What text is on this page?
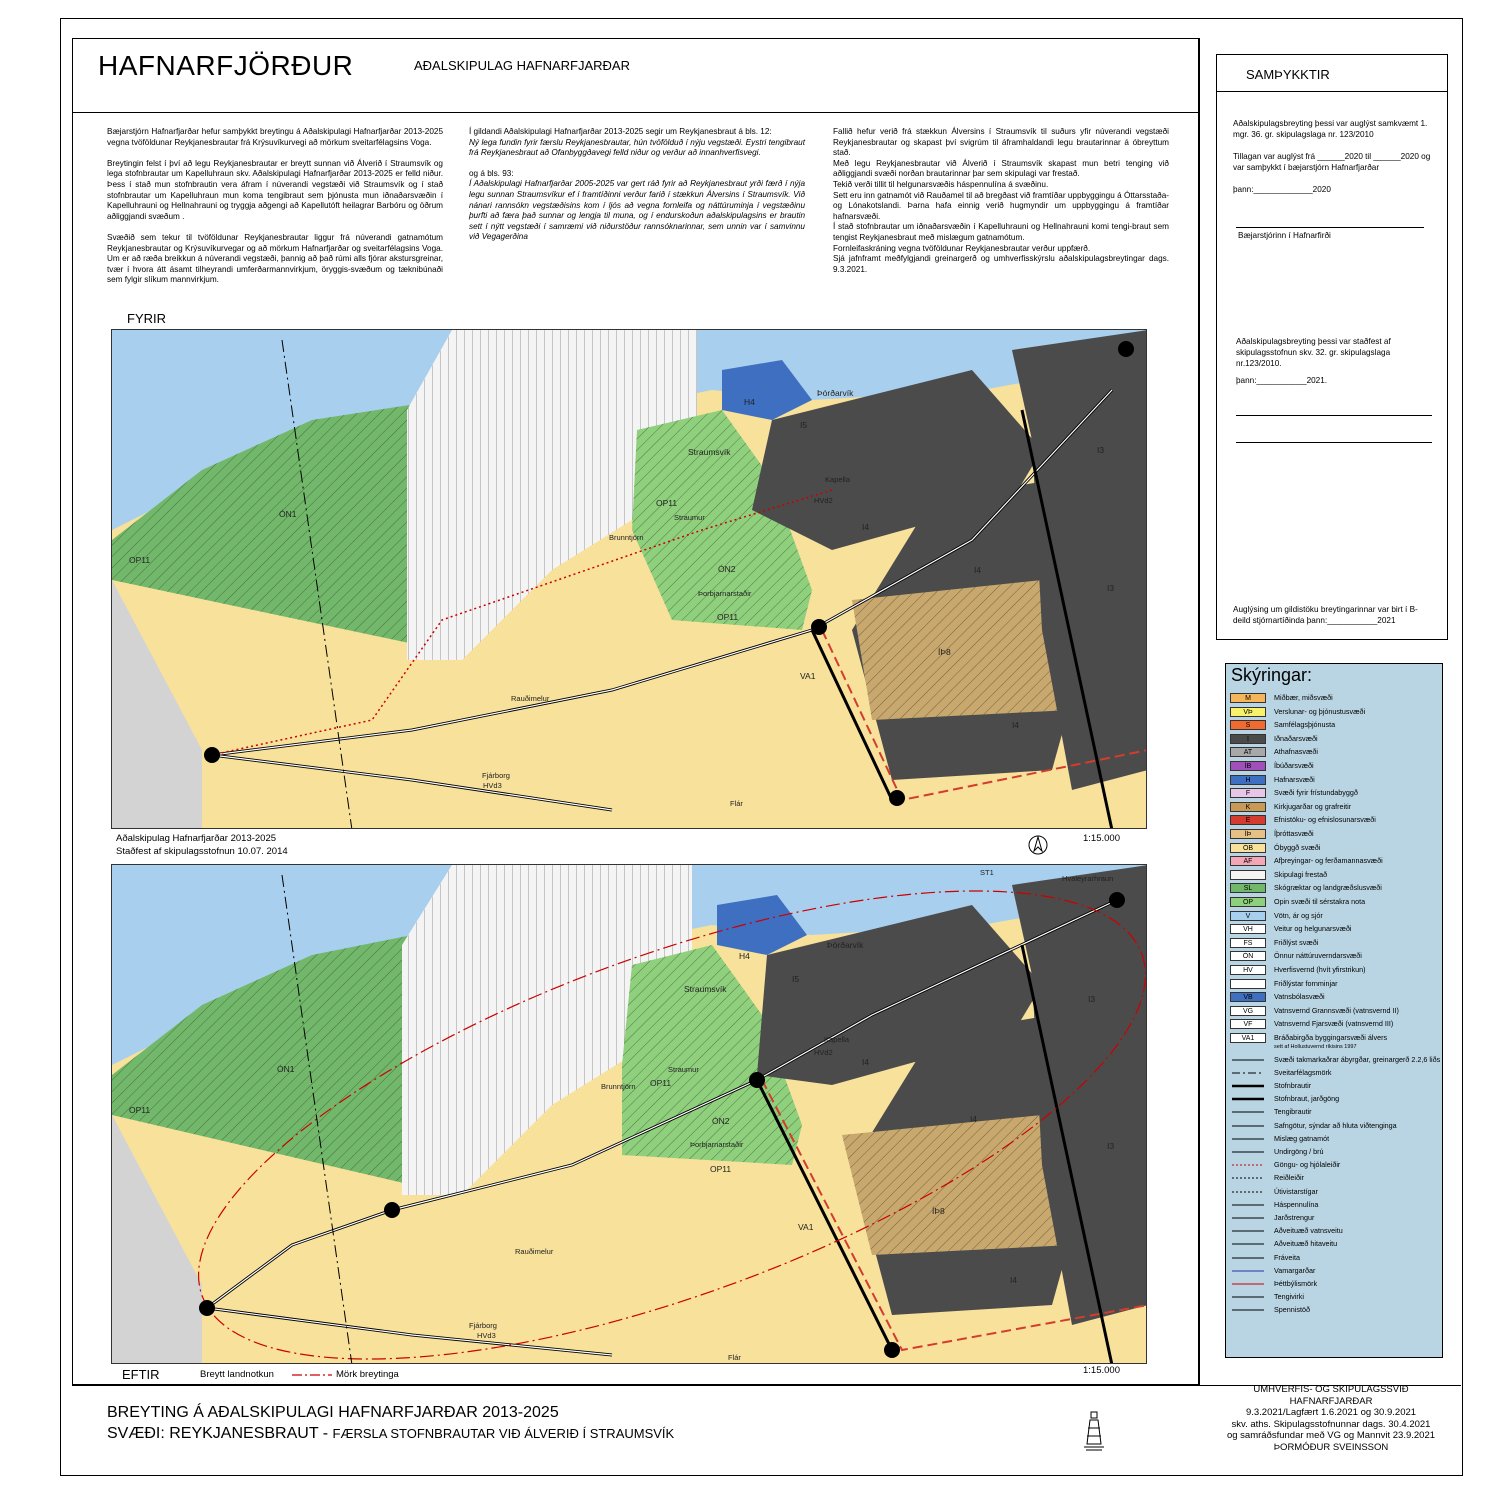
HAFNARFJÖRÐUR	AÐALSKIPULAG HAFNARFJARÐAR
Bæjarstjórn Hafnarfjarðar hefur samþykkt breytingu á Aðalskipulagi Hafnarfjarðar 2013-2025 vegna tvöföldunar Reykjanesbrautar frá Krýsuvíkurvegi að mörkum sveitarfélagsins Voga.

Breytingin felst í því að legu Reykjanesbrautar er breytt sunnan við Álverið í Straumsvík og lega stofnbrautar um Kapelluhraun skv. Aðalskipulagi Hafnarfjarðar 2013-2025 er felld niður. Þess í stað mun stofnbrautin vera áfram í núverandi vegstæði við Straumsvík og í stað stofnbrautar um Kapelluhraun mun koma tengibraut sem þjónusta mun iðnaðarsvæðin í Kapelluhrauni og Hellnahrauni og tryggja aðgengi að Kapellutóft heilagrar Barbóru og öðrum aðliggjandi svæðum .

Svæðið sem tekur til tvöföldunar Reykjanesbrautar liggur frá núverandi gatnamótum Reykjanesbrautar og Krýsuvíkurvegar og að mörkum Hafnarfjarðar og sveitarfélagsins Voga. Um er að ræða breikkun á núverandi vegstæði, þannig að það rúmi alls fjórar akstursgreinar, tvær í hvora átt ásamt tilheyrandi umferðarmannvirkjum, öryggis-svæðum og tæknibúnaði sem fylgir slíkum mannvirkjum.
Í gildandi Aðalskipulagi Hafnarfjarðar 2013-2025 segir um Reykjanesbraut á bls. 12:
Ný lega fundin fyrir færslu Reykjanesbrautar, hún tvöfölduð í nýju vegstæði. Eystri tengibraut frá Reykjanesbraut að Ofanbyggðavegi felld niður og verður að innanhverfisvegi.
og á bls. 93:
Í Aðalskipulagi Hafnarfjarðar 2005-2025 var gert ráð fyrir að Reykjanesbraut yrði færð í nýja legu sunnan Straumsvíkur ef í framtíðinni verður farið í stækkun Álversins í Straumsvík. Við nánari rannsókn vegstæðisins kom í ljós að vegna fornleifa og náttúruminja í vegstæðinu þurfti að færa það sunnar og lengja til muna, og í endurskoðun aðalskipulagsins er brautin sett í nýtt vegstæði í samræmi við niðurstöður rannsóknarinnar, sem unnin var í samvinnu við Vegagerðina
Fallið hefur verið frá stækkun Álversins í Straumsvík til suðurs yfir núverandi vegstæði Reykjanesbrautar og skapast því svigrúm til áframhaldandi legu brautarinnar á óbreyttum stað.
Með legu Reykjanesbrautar við Álverið í Straumsvík skapast mun betri tenging við aðliggjandi svæði norðan brautarinnar þar sem skipulagi var frestað.
Tekið verði tillit til helgunarsvæðis háspennulína á svæðinu.
Sett eru inn gatnamót við Rauðamel til að bregðast við framtíðar uppbyggingu á Óttarsstaða- og Lónakotslandi. Þarna hafa einnig verið hugmyndir um uppbyggingu á framtíðar hafnarsvæði.
Í stað stofnbrautar um iðnaðarsvæðin í Kapelluhrauni og Hellnahrauni komi tengi-braut sem tengist Reykjanesbraut með mislægum gatnamótum.
Fornleifaskráning vegna tvöföldunar Reykjanesbrautar verður uppfærð.
Sjá jafnframt meðfylgjandi greinargerð og umhverfisskýrslu aðalskipulagsbreytingar dags. 9.3.2021.
SAMÞYKKTIR
Aðalskipulagsbreyting þessi var auglýst samkvæmt 1. mgr. 36. gr. skipulagslaga nr. 123/2010
Tillagan var auglýst frá ______2020 til ______2020 og var samþykkt í bæjarstjórn Hafnarfjarðar
þann:_____________2020
Bæjarstjórinn í Hafnarfirði
Aðalskipulagsbreyting þessi var staðfest af skipulagsstofnun skv. 32. gr. skipulagslaga nr.123/2010.
þann:___________2021.
Auglýsing um gildistöku breytingarinnar var birt í B-deild stjórnartíðinda þann:___________2021
FYRIR
H4
Þórðarvík
I5
Straumsvík
Kapella
HVd2
I3
I4
I4
I3
OP11
Straumur
Brunntjörn
ÓN2
Þorbjarnarstaðir
OP11
ÓN1
OP11
ÍÞ8
VA1
Rauðimelur
I4
Fjárborg
HVd3
Flár
Aðalskipulag Hafnarfjarðar 2013-2025
Staðfest af skipulagsstofnun 10.07. 2014
1:15.000
H4
Þórðarvík
I5
Straumsvík
Kapella
HVd2
ST1
Hvaleyrarhraun
I3
I4
I4
I3
OP11
Straumur
Brunntjörn
ÓN2
Þorbjarnarstaðir
OP11
ÓN1
OP11
ÍÞ8
VA1
Rauðimelur
I4
Fjárborg
HVd3
Flár
EFTIR	Breytt landnotkun	Mörk breytinga	1:15.000
Skýringar:
M	Miðbær, miðsvæði
VÞ	Verslunar- og þjónustusvæði
S	Samfélagsþjónusta
I	Iðnaðarsvæði
AT	Athafnasvæði
ÍB	Íbúðarsvæði
H	Hafnarsvæði
F	Svæði fyrir frístundabyggð
K	Kirkjugarðar og grafreitir
E	Efnistöku- og efnislosunarsvæði
ÍÞ	Íþróttasvæði
ÓB	Óbyggð svæði
AF	Afþreyingar- og ferðamannasvæði
Skipulagi frestað
SL	Skógræktar og landgræðslusvæði
OP	Opin svæði til sérstakra nota
V	Vötn, ár og sjór
VH	Veitur og helgunarsvæði
FS	Friðlýst svæði
ÓN	Önnur náttúruverndarsvæði
HV	Hverfisvernd (hvít yfirstrikun)
Friðlýstar fornminjar
VB	Vatnsbólasvæði
VG	Vatnsvernd Grannsvæði (vatnsvernd II)
VF	Vatnsvernd Fjarsvæði (vatnsvernd III)
VA1	Bráðabirgða byggingarsvæði álvers
sett af Hollustuvernd ríkisins 1997
Svæði takmarkaðrar ábyrgðar, greinargerð 2.2,6 liðs
Sveitarfélagsmörk
Stofnbrautir
Stofnbraut, jarðgöng
Tengibrautir
Safngötur, sýndar að hluta viðtenginga
Mislæg gatnamót
Undirgöng / brú
Göngu- og hjólaleiðir
Reiðleiðir
Útivistarstígar
Háspennulína
Jarðstrengur
Aðveituæð vatnsveitu
Aðveituæð hitaveitu
Fráveita
Vamargarðar
Þéttbýlismörk
Tengivirki
Spennistöð
BREYTING Á AÐALSKIPULAGI HAFNARFJARÐAR 2013-2025
SVÆÐI: REYKJANESBRAUT - FÆRSLA STOFNBRAUTAR VIÐ ÁLVERIÐ Í STRAUMSVÍK
UMHVERFIS- OG SKIPULAGSSVIÐ
HAFNARFJARÐAR
9.3.2021/Lagfært 1.6.2021 og 30.9.2021
skv. aths. Skipulagsstofnunnar dags. 30.4.2021
og samráðsfundar með VG og Mannvit 23.9.2021
ÞORMÓÐUR SVEINSSON
